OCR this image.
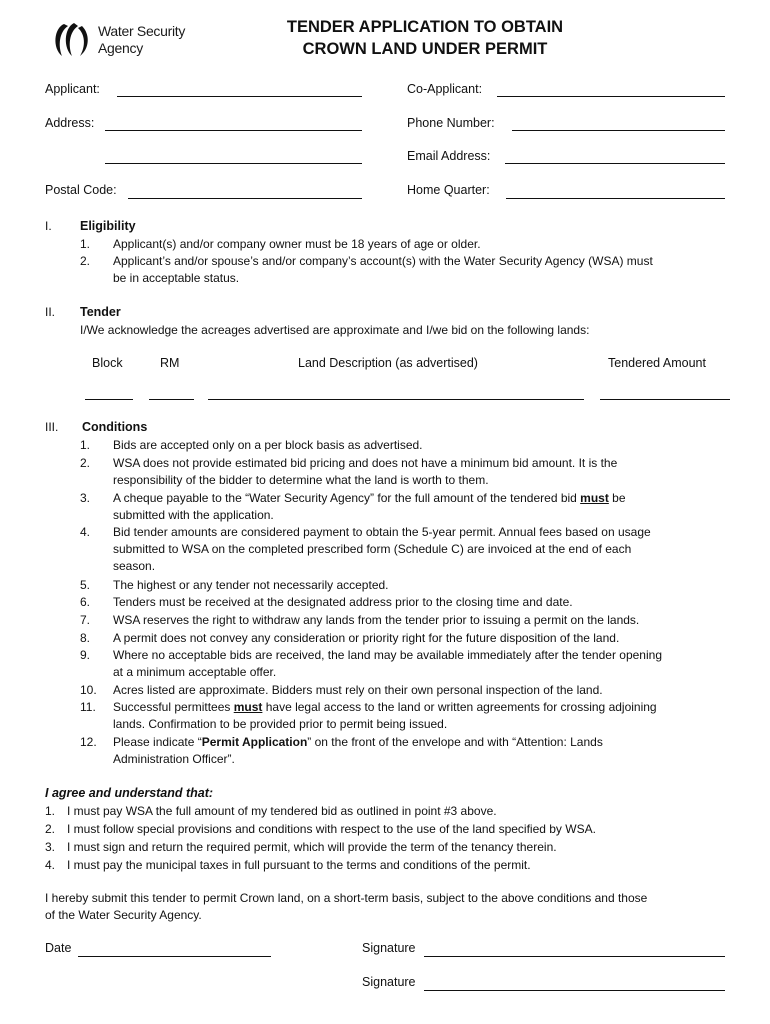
Water Security
Agency
TENDER APPLICATION TO OBTAIN
CROWN LAND UNDER PERMIT
Applicant:	Co-Applicant:
Address:	Phone Number:
Email Address:
Postal Code:	Home Quarter:
I. Eligibility
1. Applicant(s) and/or company owner must be 18 years of age or older.
2. Applicant’s and/or spouse’s and/or company’s account(s) with the Water Security Agency (WSA) must
be in acceptable status.
II. Tender
I/We acknowledge the acreages advertised are approximate and I/we bid on the following lands:
Block	RM	Land Description (as advertised)	Tendered Amount
III. Conditions
1. Bids are accepted only on a per block basis as advertised.
2. WSA does not provide estimated bid pricing and does not have a minimum bid amount. It is the
responsibility of the bidder to determine what the land is worth to them.
3. A cheque payable to the “Water Security Agency” for the full amount of the tendered bid must be
submitted with the application.
4. Bid tender amounts are considered payment to obtain the 5-year permit. Annual fees based on usage
submitted to WSA on the completed prescribed form (Schedule C) are invoiced at the end of each
season.
5. The highest or any tender not necessarily accepted.
6. Tenders must be received at the designated address prior to the closing time and date.
7. WSA reserves the right to withdraw any lands from the tender prior to issuing a permit on the lands.
8. A permit does not convey any consideration or priority right for the future disposition of the land.
9. Where no acceptable bids are received, the land may be available immediately after the tender opening
at a minimum acceptable offer.
10. Acres listed are approximate. Bidders must rely on their own personal inspection of the land.
11. Successful permittees must have legal access to the land or written agreements for crossing adjoining
lands. Confirmation to be provided prior to permit being issued.
12. Please indicate “Permit Application” on the front of the envelope and with “Attention: Lands
Administration Officer”.
I agree and understand that:
1. I must pay WSA the full amount of my tendered bid as outlined in point #3 above.
2. I must follow special provisions and conditions with respect to the use of the land specified by WSA.
3. I must sign and return the required permit, which will provide the term of the tenancy therein.
4. I must pay the municipal taxes in full pursuant to the terms and conditions of the permit.
I hereby submit this tender to permit Crown land, on a short-term basis, subject to the above conditions and those
of the Water Security Agency.
Date	Signature
Signature
